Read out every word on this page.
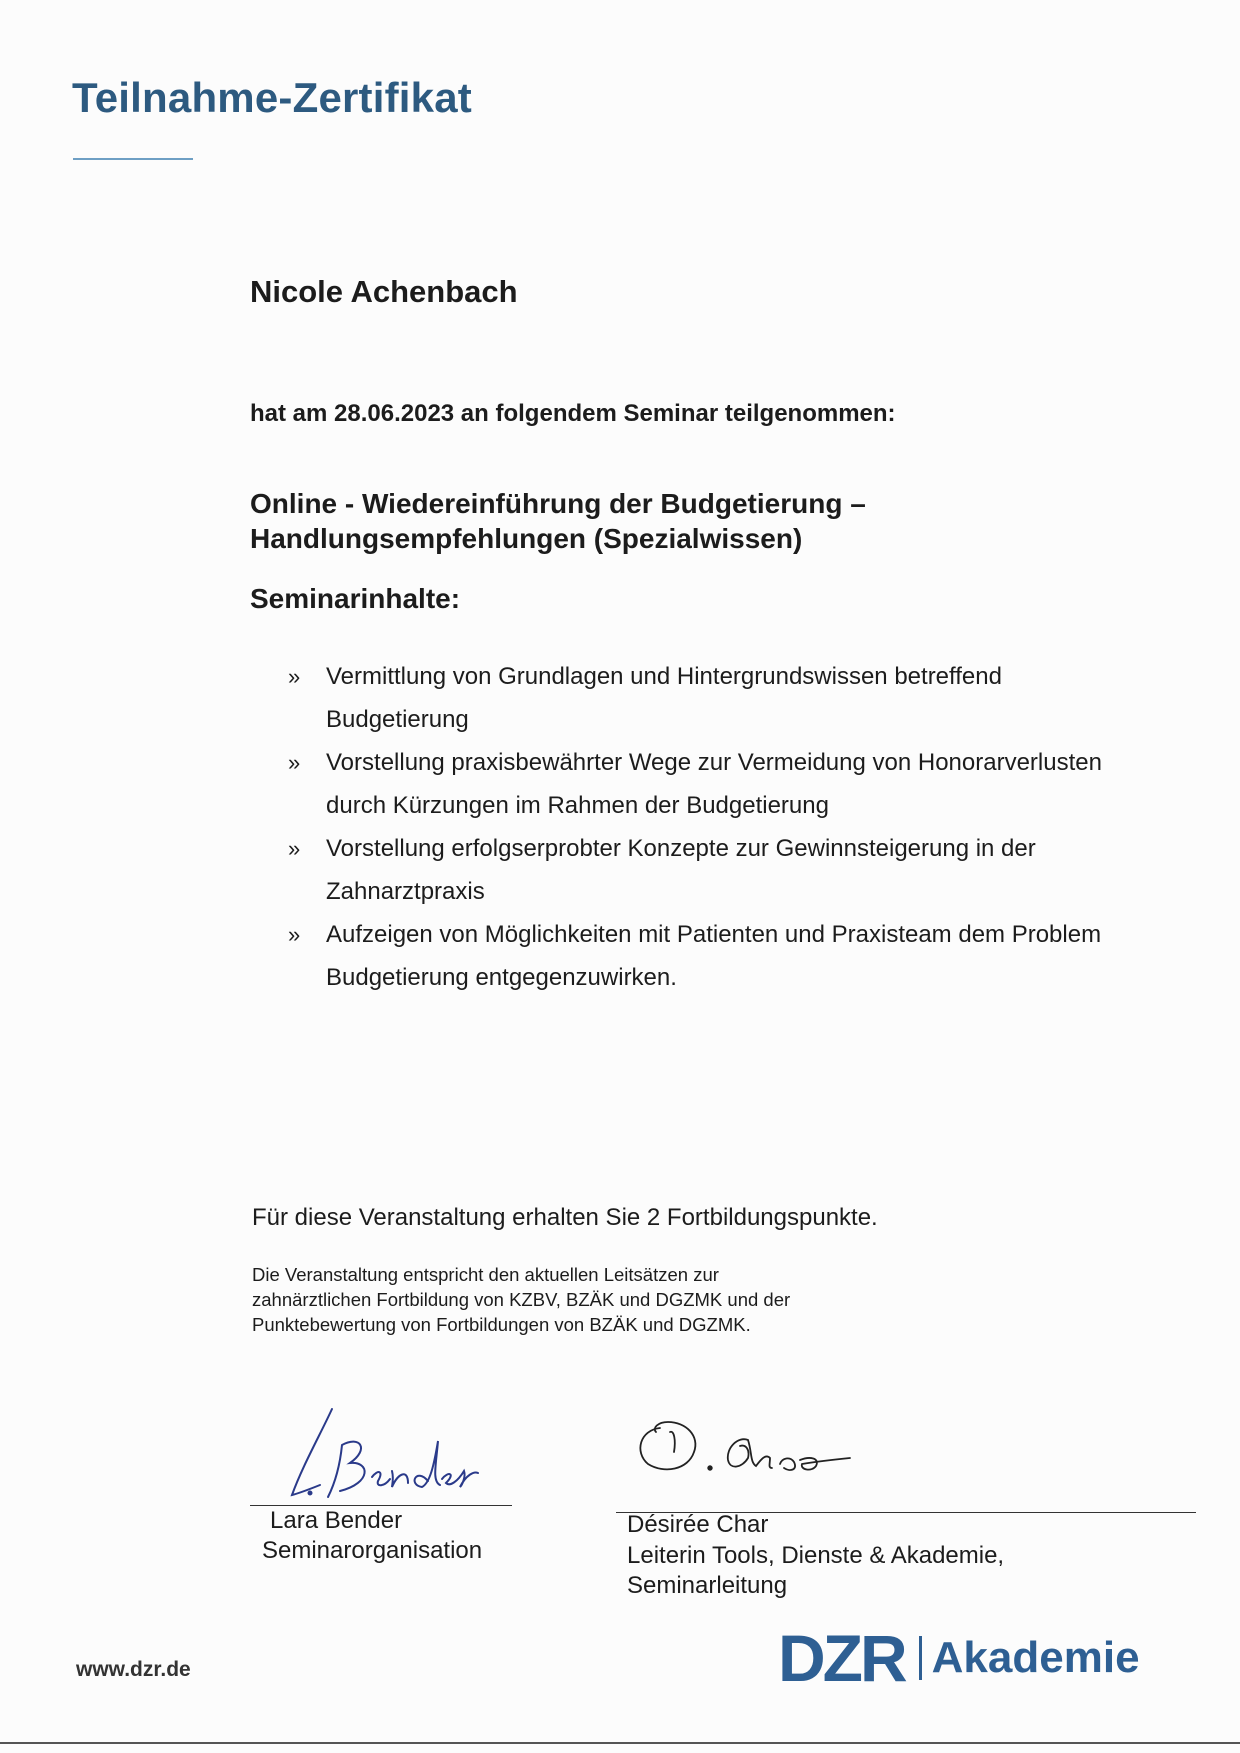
Teilnahme-Zertifikat
Nicole Achenbach
hat am 28.06.2023 an folgendem Seminar teilgenommen:
Online - Wiedereinführung der Budgetierung –
Handlungsempfehlungen (Spezialwissen)
Seminarinhalte:
» Vermittlung von Grundlagen und Hintergrundswissen betreffend
Budgetierung
» Vorstellung praxisbewährter Wege zur Vermeidung von Honorarverlusten
durch Kürzungen im Rahmen der Budgetierung
» Vorstellung erfolgserprobter Konzepte zur Gewinnsteigerung in der
Zahnarztpraxis
» Aufzeigen von Möglichkeiten mit Patienten und Praxisteam dem Problem
Budgetierung entgegenzuwirken.
Für diese Veranstaltung erhalten Sie 2 Fortbildungspunkte.
Die Veranstaltung entspricht den aktuellen Leitsätzen zur
zahnärztlichen Fortbildung von KZBV, BZÄK und DGZMK und der
Punktebewertung von Fortbildungen von BZÄK und DGZMK.
Lara Bender
Seminarorganisation
Désirée Char
Leiterin Tools, Dienste & Akademie,
Seminarleitung
www.dzr.de	DZR Akademie
